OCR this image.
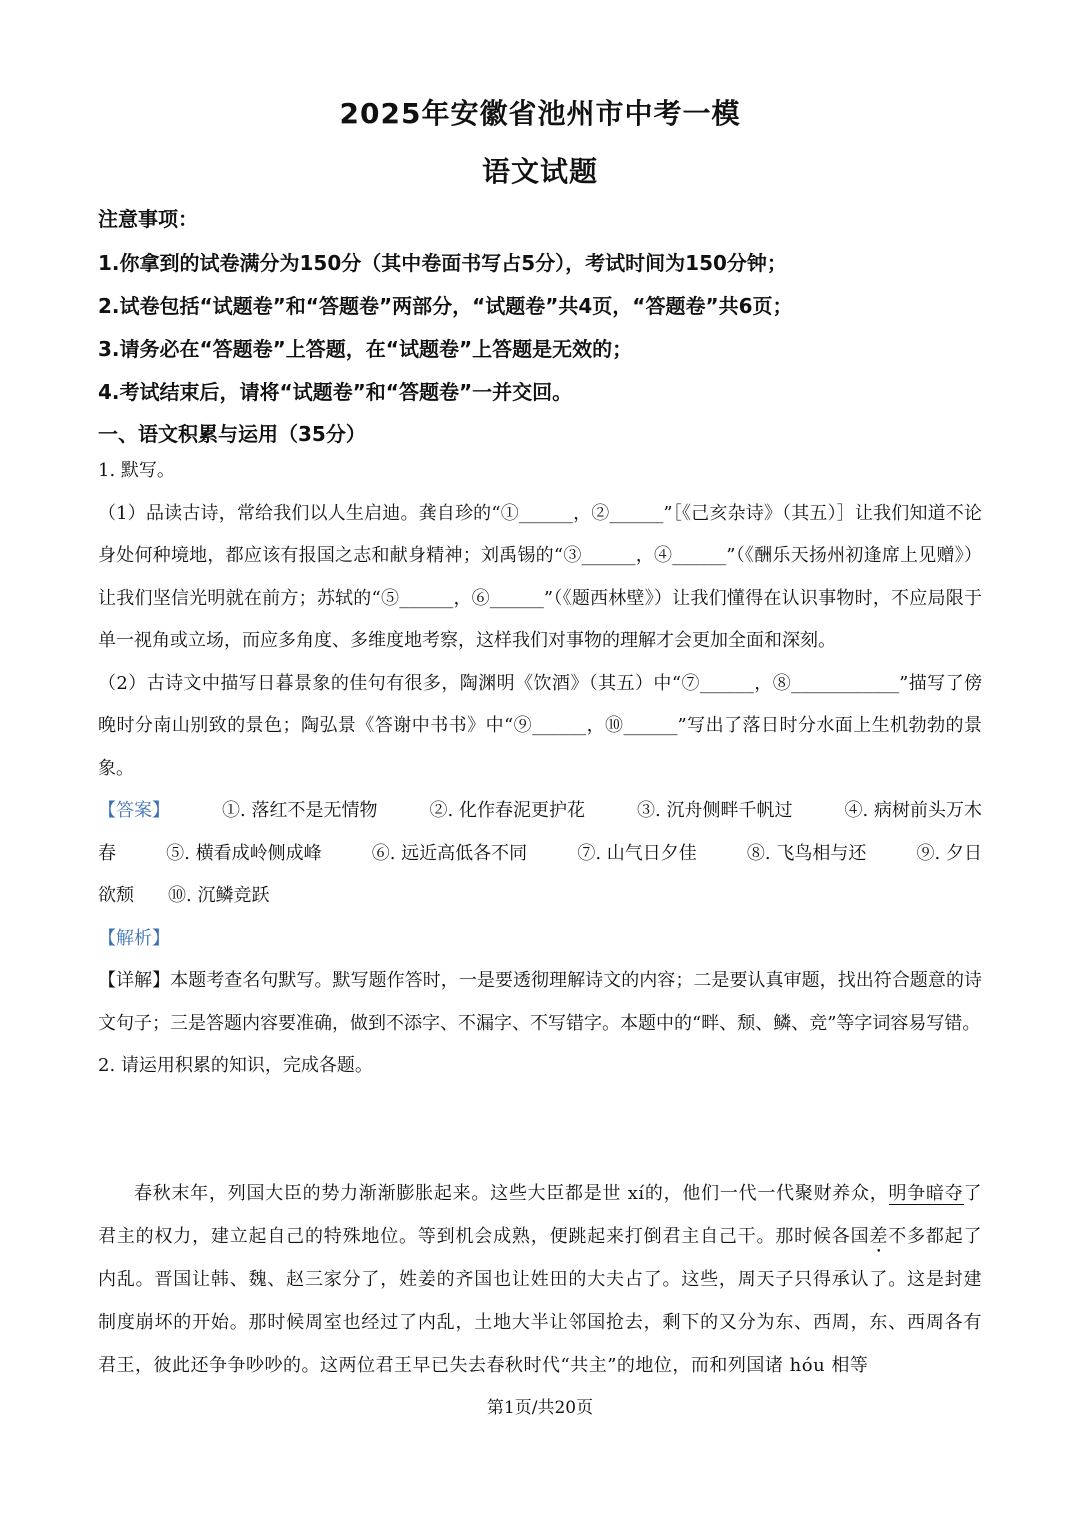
2025年安徽省池州市中考一模
语文试题
注意事项：
1.你拿到的试卷满分为150分（其中卷面书写占5分），考试时间为150分钟；
2.试卷包括“试题卷”和“答题卷”两部分，“试题卷”共4页，“答题卷”共6页；
3.请务必在“答题卷”上答题，在“试题卷”上答题是无效的；
4.考试结束后，请将“试题卷”和“答题卷”一并交回。
一、语文积累与运用（35分）
1. 默写。
（1）品读古诗，常给我们以人生启迪。龚自珍的“①______，②______”［《己亥杂诗》（其五）］让我们知道不论身处何种境地，都应该有报国之志和献身精神；刘禹锡的“③______，④______”（《酬乐天扬州初逢席上见赠》）让我们坚信光明就在前方；苏轼的“⑤______，⑥______”（《题西林壁》）让我们懂得在认识事物时，不应局限于单一视角或立场，而应多角度、多维度地考察，这样我们对事物的理解才会更加全面和深刻。
（2）古诗文中描写日暮景象的佳句有很多，陶渊明《饮酒》（其五）中“⑦______，⑧____________”描写了傍晚时分南山别致的景色；陶弘景《答谢中书书》中“⑨______，⑩______”写出了落日时分水面上生机勃勃的景象。
【答案】	①. 落红不是无情物	②. 化作春泥更护花	③. 沉舟侧畔千帆过	④. 病树前头万木
春	⑤. 横看成岭侧成峰	⑥. 远近高低各不同	⑦. 山气日夕佳	⑧. 飞鸟相与还	⑨. 夕日
欲颓 ⑩. 沉鳞竞跃
【解析】
【详解】本题考查名句默写。默写题作答时，一是要透彻理解诗文的内容；二是要认真审题，找出符合题意的诗文句子；三是答题内容要准确，做到不添字、不漏字、不写错字。本题中的“畔、颓、鳞、竞”等字词容易写错。
2. 请运用积累的知识，完成各题。
春秋末年，列国大臣的势力渐渐膨胀起来。这些大臣都是世 xí的，他们一代一代聚财养众，明争暗夺了君主的权力，建立起自己的特殊地位。等到机会成熟，便跳起来打倒君主自己干。那时候各国差不多都起了内乱。晋国让韩、魏、赵三家分了，姓姜的齐国也让姓田的大夫占了。这些，周天子只得承认了。这是封建制度崩坏的开始。那时候周室也经过了内乱，土地大半让邻国抢去，剩下的又分为东、西周，东、西周各有君王，彼此还争争吵吵的。这两位君王早已失去春秋时代“共主”的地位，而和列国诸 hóu 相等
第1页/共20页
